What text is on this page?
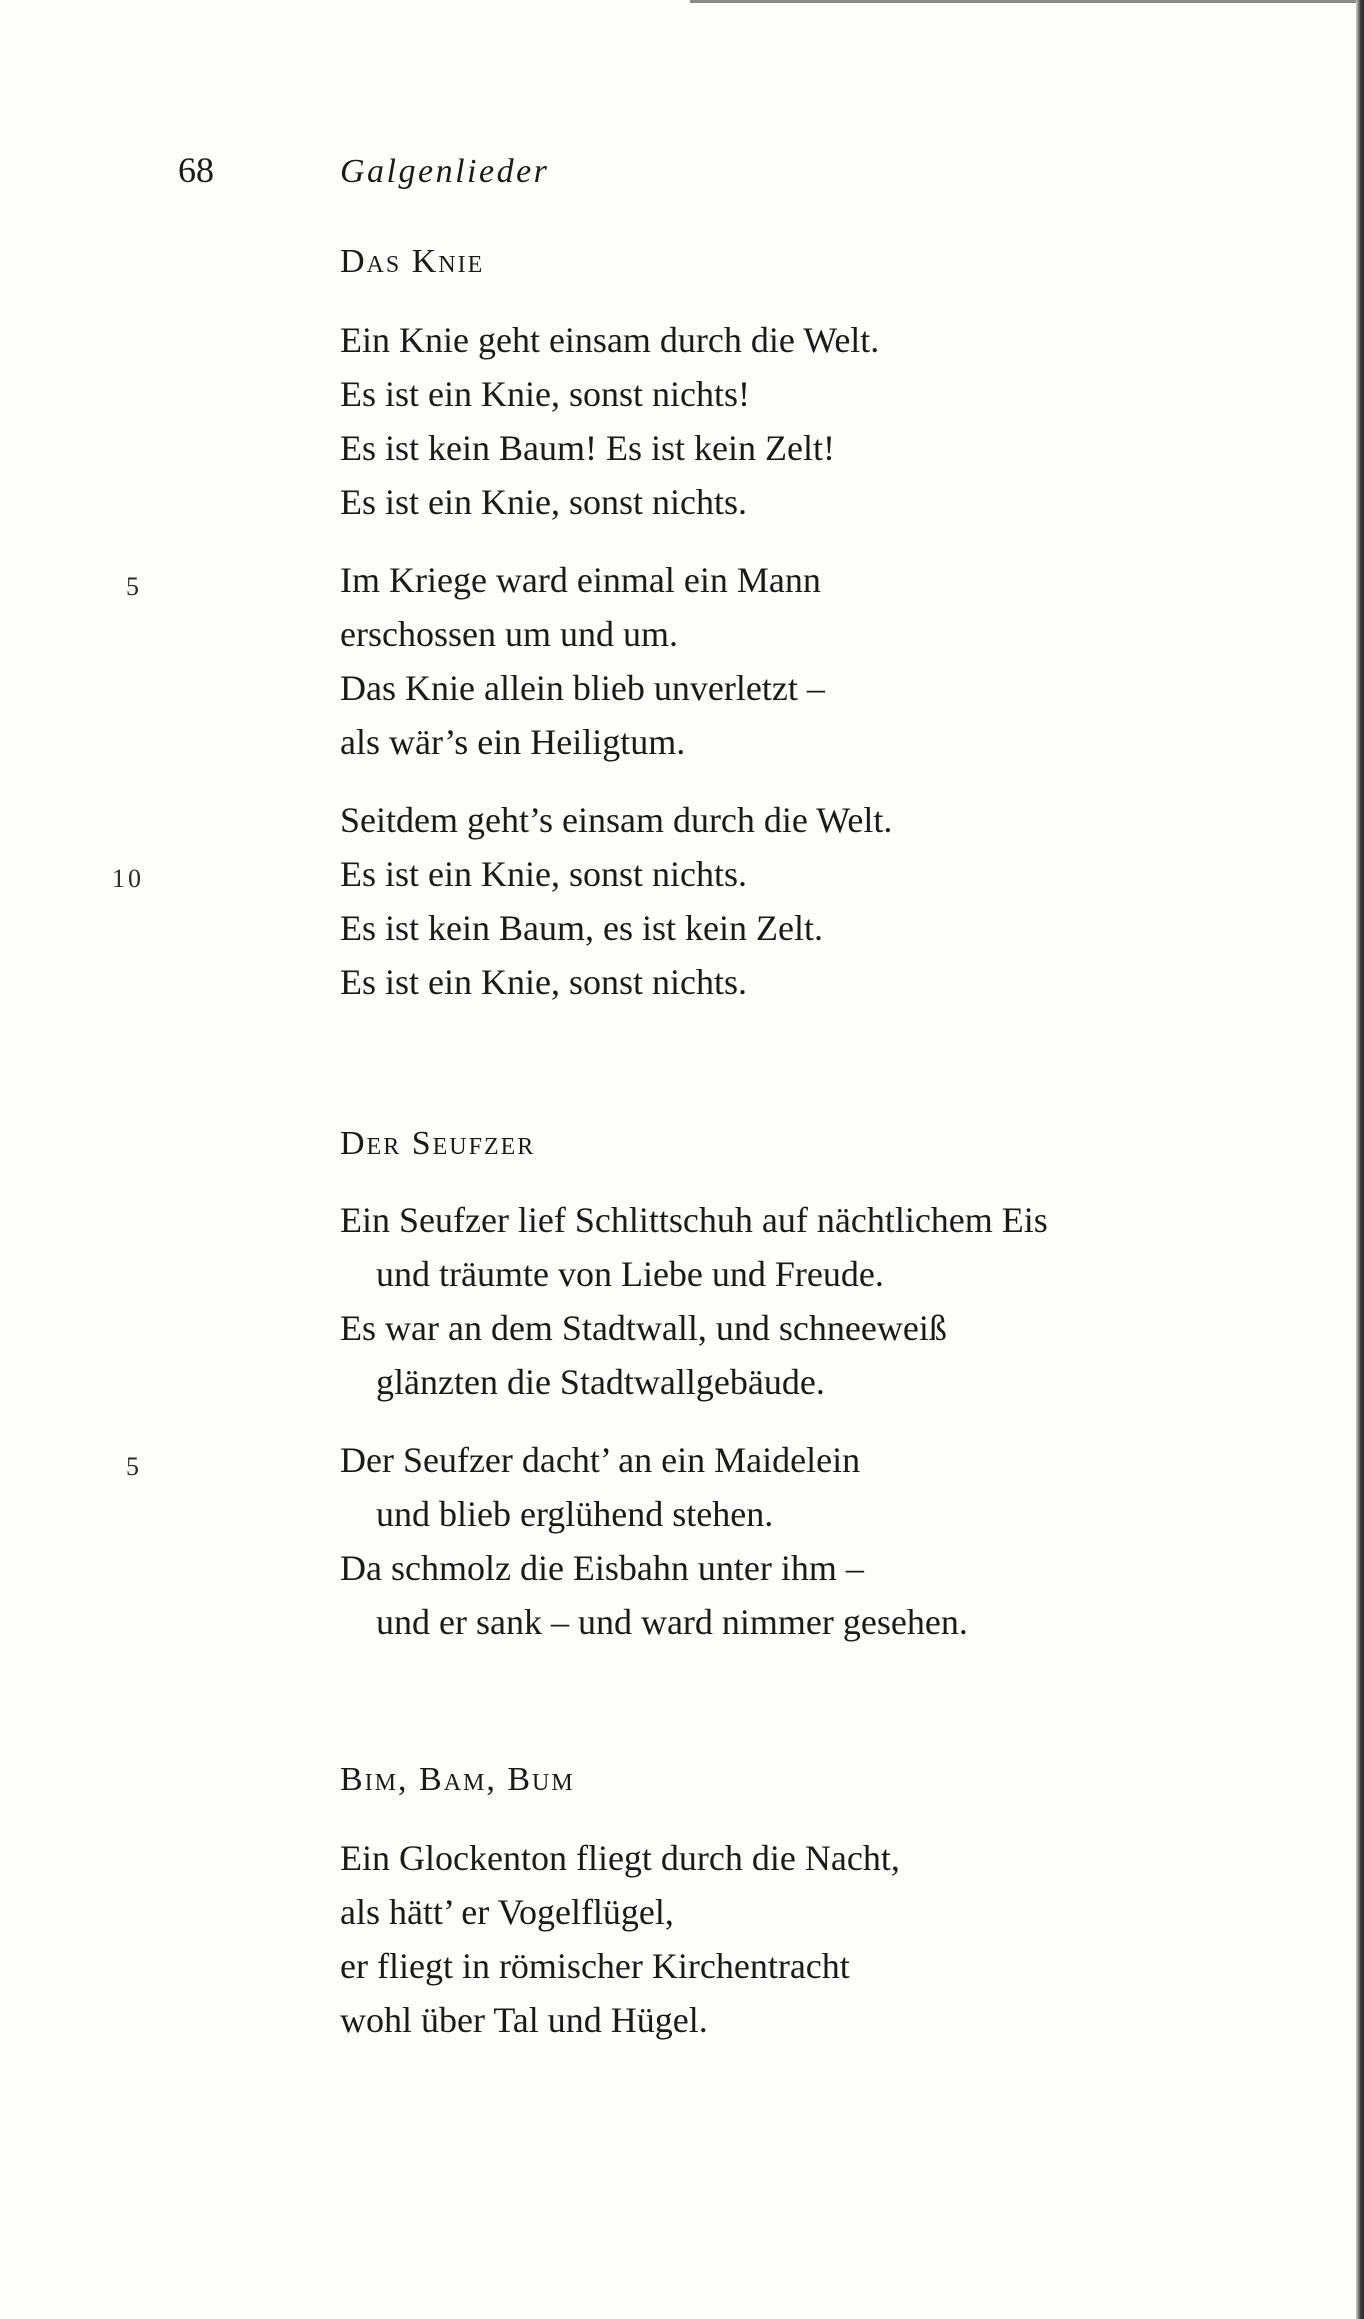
68	Galgenlieder
Das Knie
Ein Knie geht einsam durch die Welt.
Es ist ein Knie, sonst nichts!
Es ist kein Baum! Es ist kein Zelt!
Es ist ein Knie, sonst nichts.
5	Im Kriege ward einmal ein Mann
erschossen um und um.
Das Knie allein blieb unverletzt –
als wär’s ein Heiligtum.
Seitdem geht’s einsam durch die Welt.
10	Es ist ein Knie, sonst nichts.
Es ist kein Baum, es ist kein Zelt.
Es ist ein Knie, sonst nichts.
Der Seufzer
Ein Seufzer lief Schlittschuh auf nächtlichem Eis
und träumte von Liebe und Freude.
Es war an dem Stadtwall, und schneeweiß
glänzten die Stadtwallgebäude.
5	Der Seufzer dacht’ an ein Maidelein
und blieb erglühend stehen.
Da schmolz die Eisbahn unter ihm –
und er sank – und ward nimmer gesehen.
Bim, Bam, Bum
Ein Glockenton fliegt durch die Nacht,
als hätt’ er Vogelflügel,
er fliegt in römischer Kirchentracht
wohl über Tal und Hügel.
